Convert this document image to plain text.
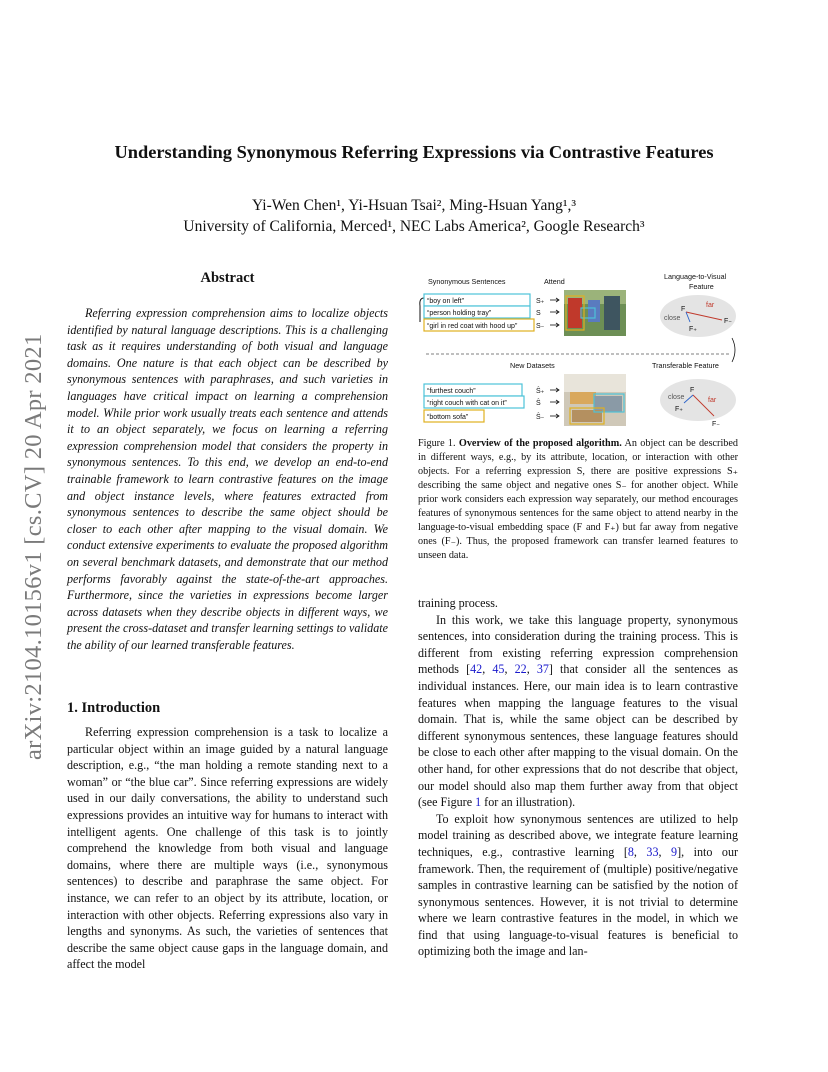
arXiv:2104.10156v1 [cs.CV] 20 Apr 2021
Understanding Synonymous Referring Expressions via Contrastive Features
Yi-Wen Chen¹, Yi-Hsuan Tsai², Ming-Hsuan Yang¹,³
University of California, Merced¹, NEC Labs America², Google Research³
Abstract
Referring expression comprehension aims to localize objects identified by natural language descriptions. This is a challenging task as it requires understanding of both visual and language domains. One nature is that each object can be described by synonymous sentences with paraphrases, and such varieties in languages have critical impact on learning a comprehension model. While prior work usually treats each sentence and attends it to an object separately, we focus on learning a referring expression comprehension model that considers the property in synonymous sentences. To this end, we develop an end-to-end trainable framework to learn contrastive features on the image and object instance levels, where features extracted from synonymous sentences to describe the same object should be closer to each other after mapping to the visual domain. We conduct extensive experiments to evaluate the proposed algorithm on several benchmark datasets, and demonstrate that our method performs favorably against the state-of-the-art approaches. Furthermore, since the varieties in expressions become larger across datasets when they describe objects in different ways, we present the cross-dataset and transfer learning settings to validate the ability of our learned transferable features.
1. Introduction
Referring expression comprehension is a task to localize a particular object within an image guided by a natural language description, e.g., “the man holding a remote standing next to a woman” or “the blue car”. Since referring expressions are widely used in our daily conversations, the ability to understand such expressions provides an intuitive way for humans to interact with intelligent agents. One challenge of this task is to jointly comprehend the knowledge from both visual and language domains, where there are multiple ways (i.e., synonymous sentences) to describe and paraphrase the same object. For instance, we can refer to an object by its attribute, location, or interaction with other objects. Referring expressions also vary in lengths and synonyms. As such, the varieties of sentences that describe the same object cause gaps in the language domain, and affect the model
Synonymous Sentences	Attend
Language-to-Visual
Feature
“boy on left”
“person holding tray”
“girl in red coat with hood up”
S₊
S
S₋
far
close
F
F₊
F₋
New Datasets	Transferable Feature
“furthest couch”
“right couch with cat on it”
“bottom sofa”
Ŝ₊
Ŝ
Ŝ₋
close	far
F
F₊
F₋
Figure 1. Overview of the proposed algorithm. An object can be described in different ways, e.g., by its attribute, location, or interaction with other objects. For a referring expression S, there are positive expressions S₊ describing the same object and negative ones S₋ for another object. While prior work considers each expression way separately, our method encourages features of synonymous sentences for the same object to attend nearby in the language-to-visual embedding space (F and F₊) but far away from negative ones (F₋). Thus, the proposed framework can transfer learned features to unseen data.

training process.

In this work, we take this language property, synonymous sentences, into consideration during the training process. This is different from existing referring expression comprehension methods [42, 45, 22, 37] that consider all the sentences as individual instances. Here, our main idea is to learn contrastive features when mapping the language features to the visual domain. That is, while the same object can be described by different synonymous sentences, these language features should be close to each other after mapping to the visual domain. On the other hand, for other expressions that do not describe that object, our model should also map them further away from that object (see Figure 1 for an illustration).

To exploit how synonymous sentences are utilized to help model training as described above, we integrate feature learning techniques, e.g., contrastive learning [8, 33, 9], into our framework. Then, the requirement of (multiple) positive/negative samples in contrastive learning can be satisfied by the notion of synonymous sentences. However, it is not trivial to determine where we learn contrastive features in the model, in which we find that using language-to-visual features is beneficial to optimizing both the image and lan-
